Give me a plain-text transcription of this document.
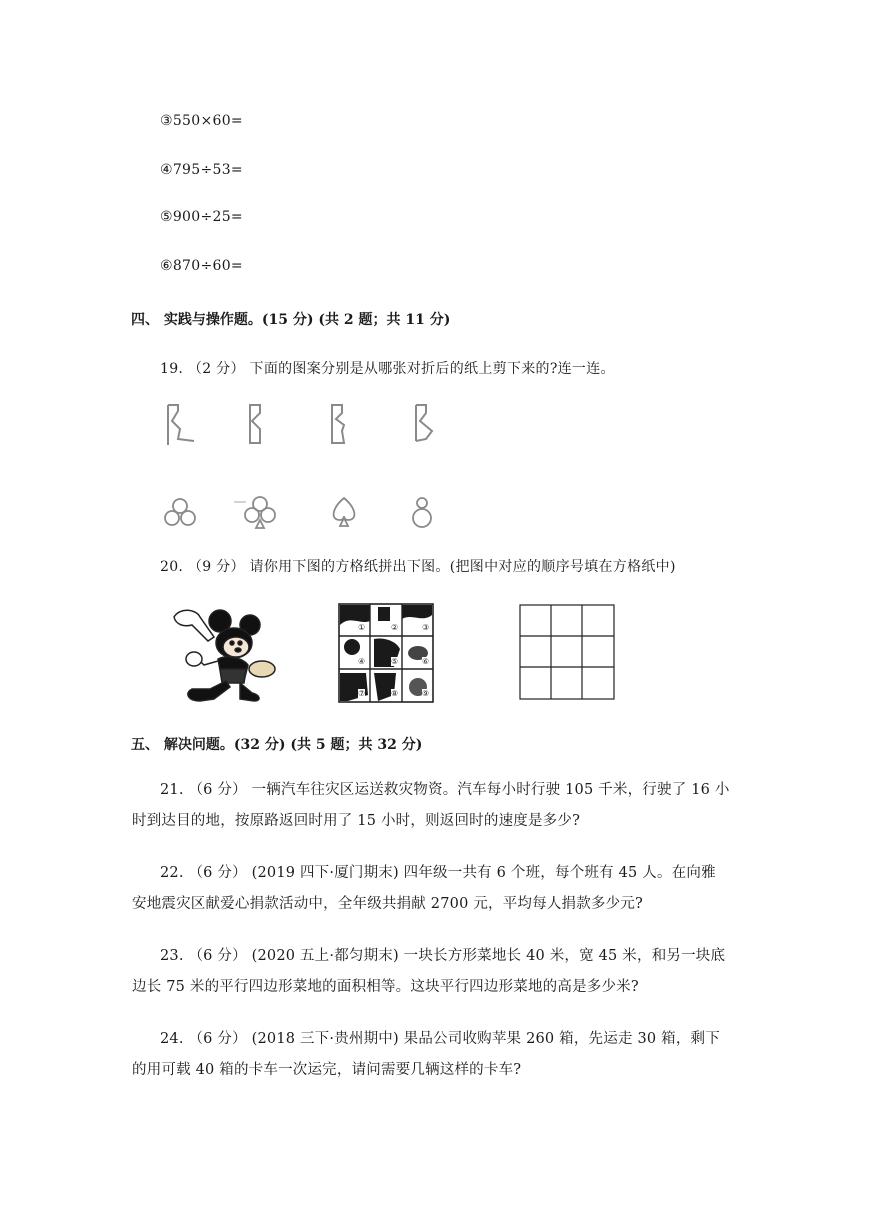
③550×60=
④795÷53=
⑤900÷25=
⑥870÷60=
四、 实践与操作题。(15 分) (共 2 题；共 11 分)
19. （2 分） 下面的图案分别是从哪张对折后的纸上剪下来的?连一连。
20. （9 分） 请你用下图的方格纸拼出下图。(把图中对应的顺序号填在方格纸中)
①	②	③
④	⑤	⑥
⑦	⑧	⑨
五、 解决问题。(32 分) (共 5 题；共 32 分)
21. （6 分） 一辆汽车往灾区运送救灾物资。汽车每小时行驶 105 千米，行驶了 16 小
时到达目的地，按原路返回时用了 15 小时，则返回时的速度是多少?
22. （6 分） (2019 四下·厦门期末) 四年级一共有 6 个班，每个班有 45 人。在向雅
安地震灾区献爱心捐款活动中，全年级共捐献 2700 元，平均每人捐款多少元?
23. （6 分） (2020 五上·都匀期末) 一块长方形菜地长 40 米，宽 45 米，和另一块底
边长 75 米的平行四边形菜地的面积相等。这块平行四边形菜地的高是多少米?
24. （6 分） (2018 三下·贵州期中) 果品公司收购苹果 260 箱，先运走 30 箱，剩下
的用可载 40 箱的卡车一次运完，请问需要几辆这样的卡车?
